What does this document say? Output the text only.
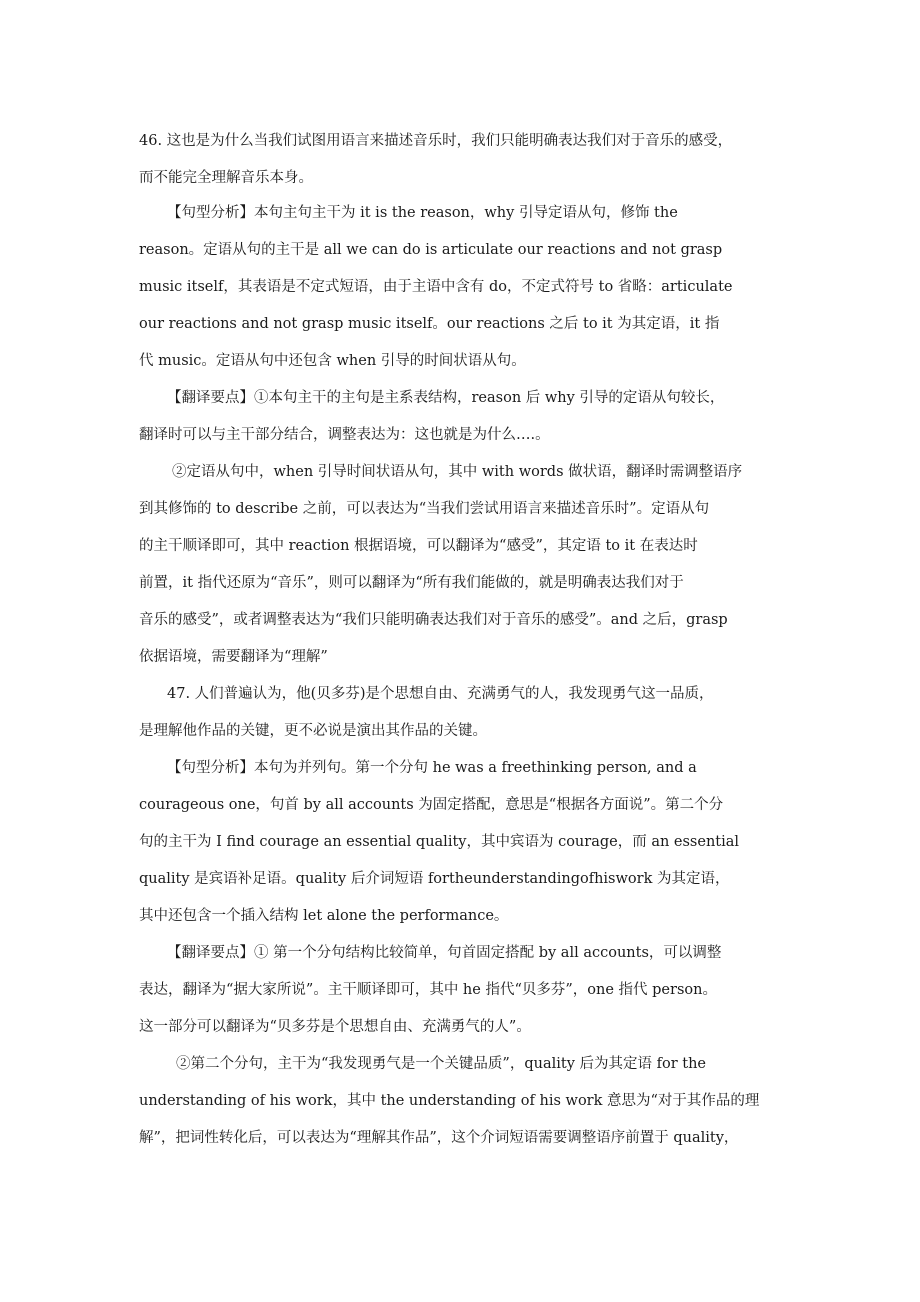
46. 这也是为什么当我们试图用语言来描述音乐时，我们只能明确表达我们对于音乐的感受，
而不能完全理解音乐本身。
【句型分析】本句主句主干为 it is the reason，why 引导定语从句，修饰 the
reason。定语从句的主干是 all we can do is articulate our reactions and not grasp
music itself，其表语是不定式短语，由于主语中含有 do，不定式符号 to 省略：articulate
our reactions and not grasp music itself。our reactions 之后 to it 为其定语，it 指
代 music。定语从句中还包含 when 引导的时间状语从句。
【翻译要点】①本句主干的主句是主系表结构，reason 后 why 引导的定语从句较长，
翻译时可以与主干部分结合，调整表达为：这也就是为什么….。
②定语从句中，when 引导时间状语从句，其中 with words 做状语，翻译时需调整语序
到其修饰的 to describe 之前，可以表达为“当我们尝试用语言来描述音乐时”。定语从句
的主干顺译即可，其中 reaction 根据语境，可以翻译为“感受”，其定语 to it 在表达时
前置，it 指代还原为“音乐”，则可以翻译为“所有我们能做的，就是明确表达我们对于
音乐的感受”，或者调整表达为“我们只能明确表达我们对于音乐的感受”。and 之后，grasp
依据语境，需要翻译为“理解”
47. 人们普遍认为，他(贝多芬)是个思想自由、充满勇气的人，我发现勇气这一品质，
是理解他作品的关键，更不必说是演出其作品的关键。
【句型分析】本句为并列句。第一个分句 he was a freethinking person, and a
courageous one，句首 by all accounts 为固定搭配，意思是“根据各方面说”。第二个分
句的主干为 I find courage an essential quality，其中宾语为 courage，而 an essential
quality 是宾语补足语。quality 后介词短语 fortheunderstandingofhiswork 为其定语，
其中还包含一个插入结构 let alone the performance。
【翻译要点】① 第一个分句结构比较简单，句首固定搭配 by all accounts，可以调整
表达，翻译为“据大家所说”。主干顺译即可，其中 he 指代“贝多芬”，one 指代 person。
这一部分可以翻译为“贝多芬是个思想自由、充满勇气的人”。
②第二个分句，主干为“我发现勇气是一个关键品质”，quality 后为其定语 for the
understanding of his work，其中 the understanding of his work 意思为“对于其作品的理
解”，把词性转化后，可以表达为“理解其作品”，这个介词短语需要调整语序前置于 quality，
